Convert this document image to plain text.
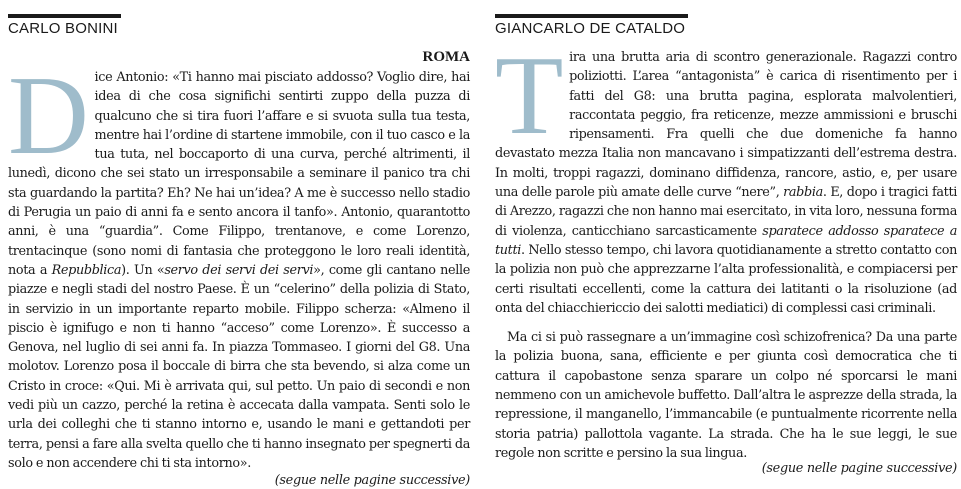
CARLO BONINI
ROMA

Dice Antonio: «Ti hanno mai pisciato addosso? Voglio dire, hai idea di che cosa significhi sentirti zuppo della puzza di qualcuno che si tira fuori l’affare e si svuota sulla tua testa, mentre hai l’ordine di startene immobile, con il tuo casco e la tua tuta, nel boccaporto di una curva, perché altrimenti, il lunedì, dicono che sei stato un irresponsabile a seminare il panico tra chi sta guardando la partita? Eh? Ne hai un’idea? A me è successo nello stadio di Perugia un paio di anni fa e sento ancora il tanfo». Antonio, quarantotto anni, è una “guardia”. Come Filippo, trentanove, e come Lorenzo, trentacinque (sono nomi di fantasia che proteggono le loro reali identità, nota a Repubblica). Un «servo dei servi dei servi», come gli cantano nelle piazze e negli stadi del nostro Paese. È un “celerino” della polizia di Stato, in servizio in un importante reparto mobile. Filippo scherza: «Almeno il piscio è ignifugo e non ti hanno “acceso” come Lorenzo». È successo a Genova, nel luglio di sei anni fa. In piazza Tommaseo. I giorni del G8. Una molotov. Lorenzo posa il boccale di birra che sta bevendo, si alza come un Cristo in croce: «Qui. Mi è arrivata qui, sul petto. Un paio di secondi e non vedi più un cazzo, perché la retina è accecata dalla vampata. Senti solo le urla dei colleghi che ti stanno intorno e, usando le mani e gettandoti per terra, pensi a fare alla svelta quello che ti hanno insegnato per spegnerti da solo e non accendere chi ti sta intorno».

(segue nelle pagine successive)
GIANCARLO DE CATALDO

Tira una brutta aria di scontro generazionale. Ragazzi contro poliziotti. L’area “antagonista” è carica di risentimento per i fatti del G8: una brutta pagina, esplorata malvolentieri, raccontata peggio, fra reticenze, mezze ammissioni e bruschi ripensamenti. Fra quelli che due domeniche fa hanno devastato mezza Italia non mancavano i simpatizzanti dell’estrema destra. In molti, troppi ragazzi, dominano diffidenza, rancore, astio, e, per usare una delle parole più amate delle curve “nere”, rabbia. E, dopo i tragici fatti di Arezzo, ragazzi che non hanno mai esercitato, in vita loro, nessuna forma di violenza, canticchiano sarcasticamente sparatece addosso sparatece a tutti. Nello stesso tempo, chi lavora quotidianamente a stretto contatto con la polizia non può che apprezzarne l’alta professionalità, e compiacersi per certi risultati eccellenti, come la cattura dei latitanti o la risoluzione (ad onta del chiacchiericcio dei salotti mediatici) di complessi casi criminali.

Ma ci si può rassegnare a un’immagine così schizofrenica? Da una parte la polizia buona, sana, efficiente e per giunta così democratica che ti cattura il capobastone senza sparare un colpo né sporcarsi le mani nemmeno con un amichevole buffetto. Dall’altra le asprezze della strada, la repressione, il manganello, l’immancabile (e puntualmente ricorrente nella storia patria) pallottola vagante. La strada. Che ha le sue leggi, le sue regole non scritte e persino la sua lingua.

(segue nelle pagine successive)
